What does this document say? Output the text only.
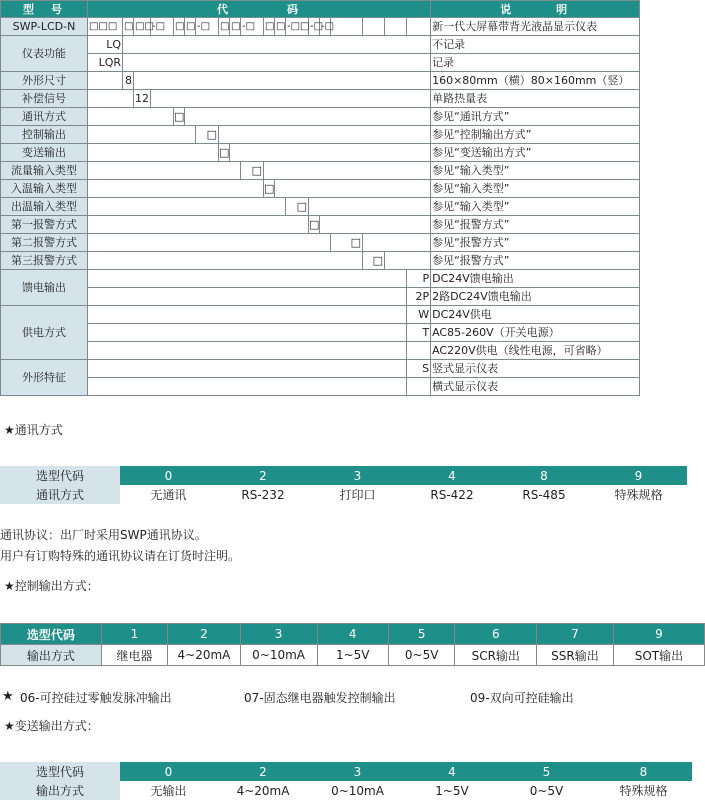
型　号	代　　　　码																			说　　　明
SWP-LCD-N	□□□	□	□□	-□	□	□	-□	□	□	-□	□	□	-□□	-□	-□					新一代大屏幕带背光液晶显示仪表
仪表功能	LQ																			不记录
	LQR																			记录
外形尺寸		8																		160×80mm（横）80×160mm（竖）
补偿信号			12																	单路热量表
通讯方式					□															参见“通讯方式”
控制输出							□													参见“控制输出方式”
变送输出								□												参见“变送输出方式”
流量输入类型										□										参见“输入类型”
入温输入类型											□									参见“输入类型”
出温输入类型													□							参见“输入类型”
第一报警方式														□						参见“报警方式”
第二报警方式																□				参见“报警方式”
第三报警方式																	□			参见“报警方式”
馈电输出																			P	DC24V馈电输出
																			2P	2路DC24V馈电输出
供电方式																			W	DC24V供电
																			T	AC85-260V（开关电源）
																				AC220V供电（线性电源，可省略）
外形特征																			S	竖式显示仪表
																				横式显示仪表
★通讯方式
选型代码	0	2	3	4	8	9
通讯方式	无通讯	RS-232	打印口	RS-422	RS-485	特殊规格
通讯协议：出厂时采用SWP通讯协议。
用户有订购特殊的通讯协议请在订货时注明。
★控制输出方式：
选型代码	1	2	3	4	5	6	7	9
输出方式	继电器	4~20mA	0~10mA	1~5V	0~5V	SCR输出	SSR输出	SOT输出
★ 06-可控硅过零触发脉冲输出	07-固态继电器触发控制输出	09-双向可控硅输出
★变送输出方式：
选型代码	0	2	3	4	5	8
输出方式	无输出	4~20mA	0~10mA	1~5V	0~5V	特殊规格
